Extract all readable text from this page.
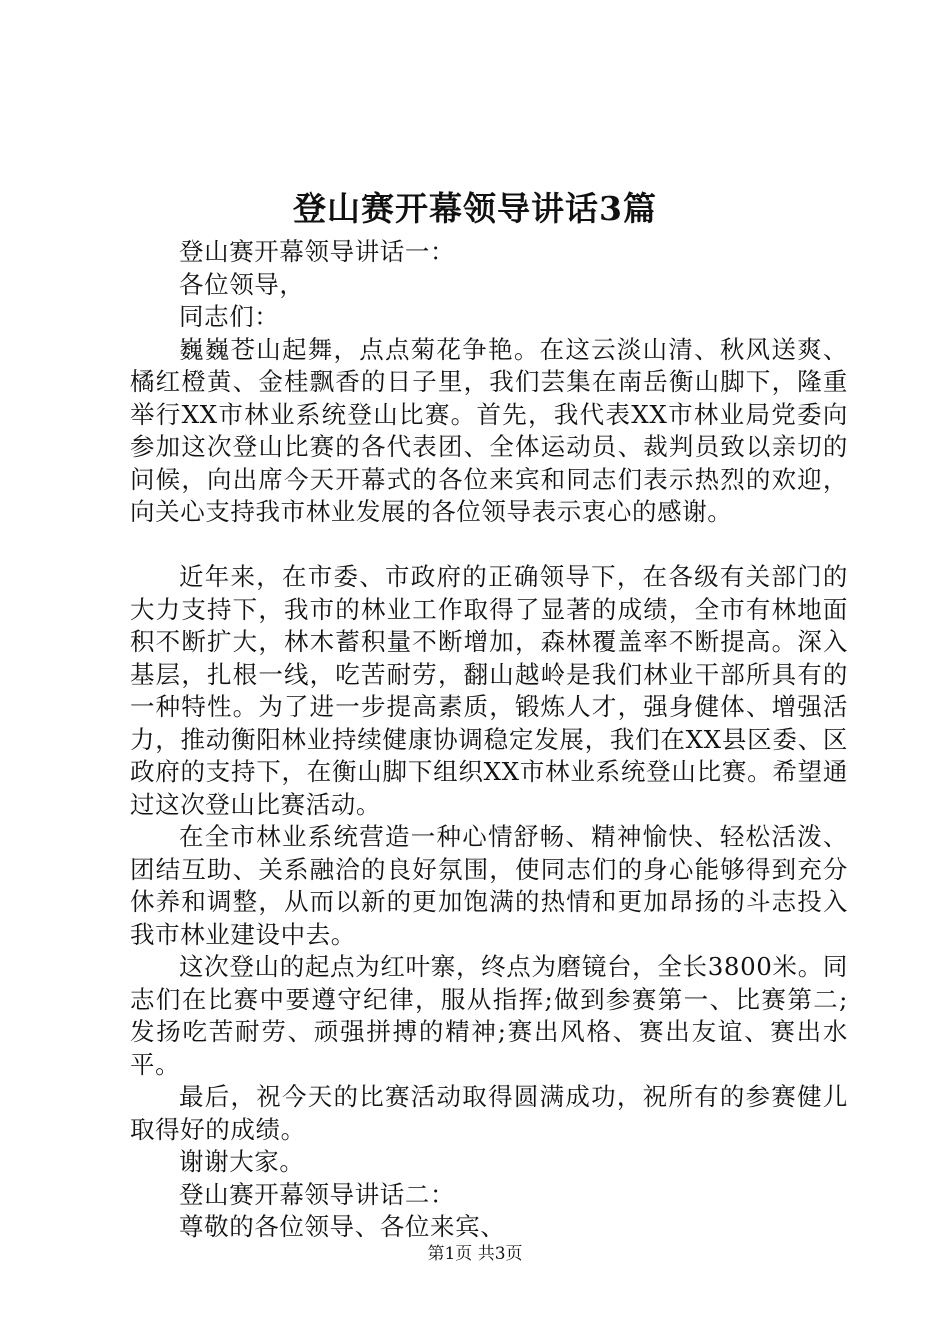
登山赛开幕领导讲话3篇

登山赛开幕领导讲话一：

各位领导，

同志们：

巍巍苍山起舞，点点菊花争艳。在这云淡山清、秋风送爽、橘红橙黄、金桂飘香的日子里，我们芸集在南岳衡山脚下，隆重举行XX市林业系统登山比赛。首先，我代表XX市林业局党委向参加这次登山比赛的各代表团、全体运动员、裁判员致以亲切的问候，向出席今天开幕式的各位来宾和同志们表示热烈的欢迎，向关心支持我市林业发展的各位领导表示衷心的感谢。

近年来，在市委、市政府的正确领导下，在各级有关部门的大力支持下，我市的林业工作取得了显著的成绩，全市有林地面积不断扩大，林木蓄积量不断增加，森林覆盖率不断提高。深入基层，扎根一线，吃苦耐劳，翻山越岭是我们林业干部所具有的一种特性。为了进一步提高素质，锻炼人才，强身健体、增强活力，推动衡阳林业持续健康协调稳定发展，我们在XX县区委、区政府的支持下，在衡山脚下组织XX市林业系统登山比赛。希望通过这次登山比赛活动。

在全市林业系统营造一种心情舒畅、精神愉快、轻松活泼、团结互助、关系融洽的良好氛围，使同志们的身心能够得到充分休养和调整，从而以新的更加饱满的热情和更加昂扬的斗志投入我市林业建设中去。

这次登山的起点为红叶寨，终点为磨镜台，全长3800米。同志们在比赛中要遵守纪律，服从指挥;做到参赛第一、比赛第二;发扬吃苦耐劳、顽强拼搏的精神;赛出风格、赛出友谊、赛出水平。

最后，祝今天的比赛活动取得圆满成功，祝所有的参赛健儿取得好的成绩。

谢谢大家。

登山赛开幕领导讲话二：

尊敬的各位领导、各位来宾、

第1页 共3页
